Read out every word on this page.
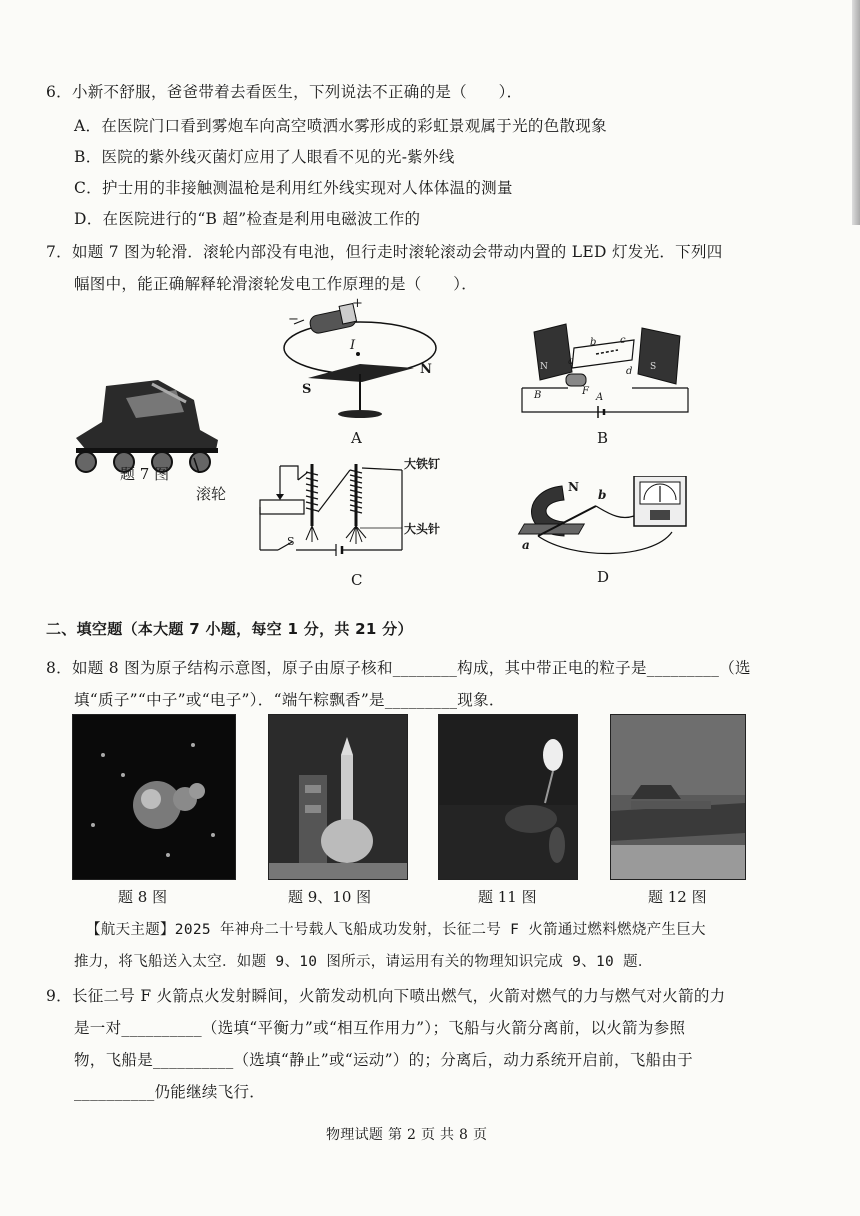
6．小新不舒服，爸爸带着去看医生，下列说法不正确的是（　　）．
A．在医院门口看到雾炮车向高空喷洒水雾形成的彩虹景观属于光的色散现象
B．医院的紫外线灭菌灯应用了人眼看不见的光-紫外线
C．护士用的非接触测温枪是利用红外线实现对人体体温的测量
D．在医院进行的“B 超”检查是利用电磁波工作的
7．如题 7 图为轮滑．滚轮内部没有电池，但行走时滚轮滚动会带动内置的 LED 灯发光．下列四
幅图中，能正确解释轮滑滚轮发电工作原理的是（　　）．
题 7 图
滚轮
+
−
I
S
N
A
b c
a
d
N	S
F
B	A
B
大铁钉
大头针
S
C
N
b
a
D
二、填空题（本大题 7 小题，每空 1 分，共 21 分）
8．如题 8 图为原子结构示意图，原子由原子核和________构成，其中带正电的粒子是_________（选
填“质子”“中子”或“电子”）．“端午粽飘香”是_________现象．
题 8 图	题 9、10 图	题 11 图	题 12 图
【航天主题】2025 年神舟二十号载人飞船成功发射，长征二号 F 火箭通过燃料燃烧产生巨大
推力，将飞船送入太空．如题 9、10 图所示，请运用有关的物理知识完成 9、10 题．
9．长征二号 F 火箭点火发射瞬间，火箭发动机向下喷出燃气，火箭对燃气的力与燃气对火箭的力
是一对__________（选填“平衡力”或“相互作用力”）；飞船与火箭分离前，以火箭为参照
物，飞船是__________（选填“静止”或“运动”）的；分离后，动力系统开启前，飞船由于
__________仍能继续飞行．
物理试题 第 2 页 共 8 页
